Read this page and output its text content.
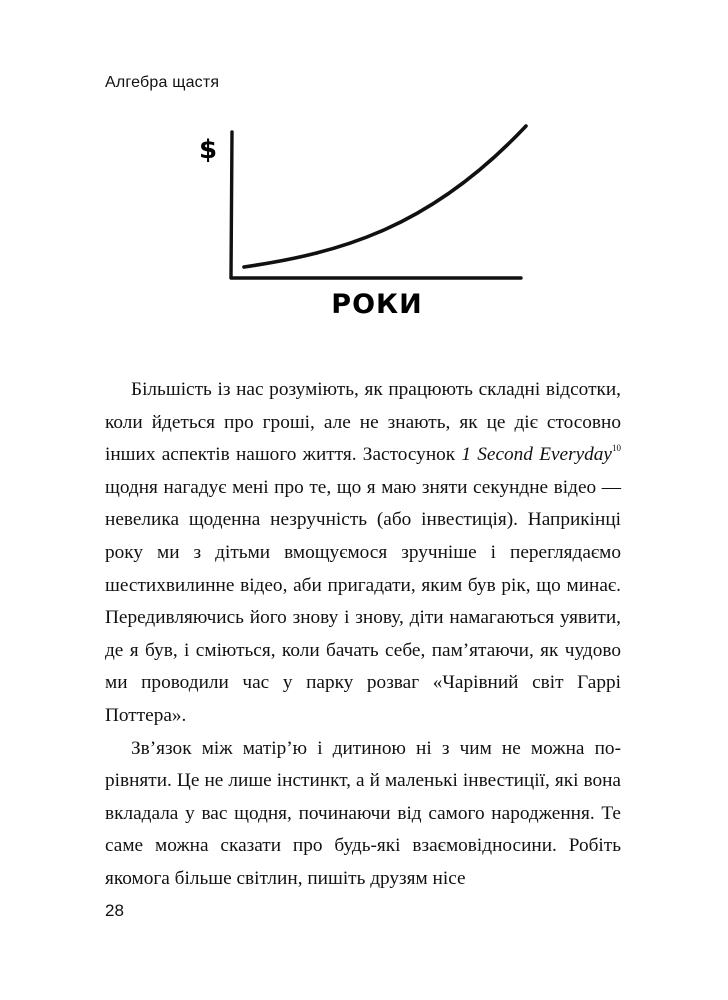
Алгебра щастя
$
РОКИ

Більшість із нас розуміють, як працюють складні відсотки, коли йдеться про гроші, але не знають, як це діє стосовно інших аспектів нашого життя. Застосунок 1 Second Everyday$^{10}$ щодня нагадує мені про те, що я маю зняти секундне відео — невелика щоденна незручність (або інвестиція). Наприкінці року ми з дітьми вмощуємося зручніше і переглядаємо шестихвилинне відео, аби пригадати, яким був рік, що минає. Передивляючись його знову і знову, діти намагаються уявити, де я був, і сміються, коли бачать себе, пам’ятаючи, як чудово ми проводили час у парку розваг «Чарівний світ Гаррі Поттера».

Зв’язок між матір’ю і дитиною ні з чим не можна порівняти. Це не лише інстинкт, а й маленькі інвестиції, які вона вкладала у вас щодня, починаючи від самого народження. Те саме можна сказати про будь-які взаємовідносини. Робіть якомога більше світлин, пишіть друзям нісе

28
